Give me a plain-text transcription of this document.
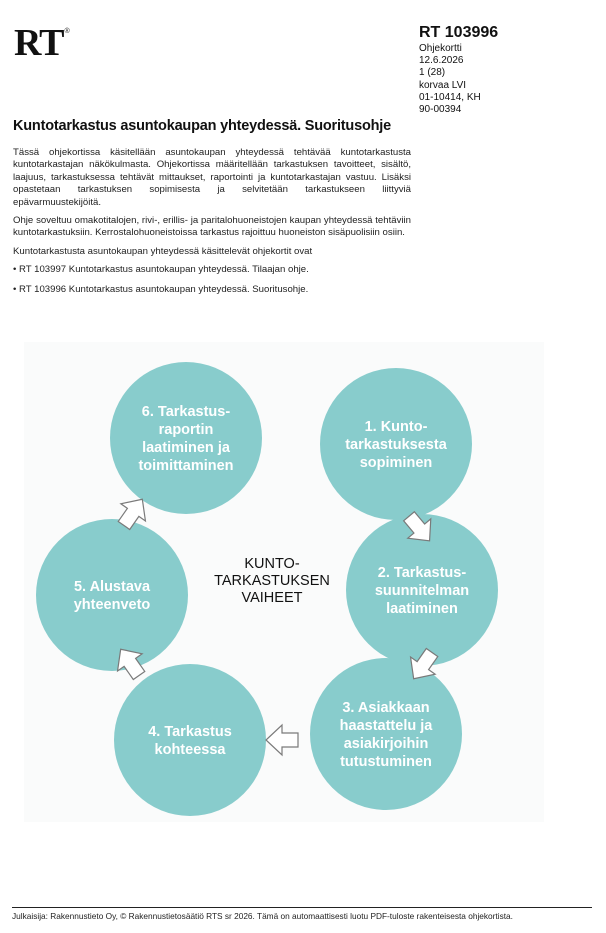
RT®	RT 103996
Ohjekortti
12.6.2026
1 (28)
korvaa LVI
01-10414, KH
90-00394
Kuntotarkastus asuntokaupan yhteydessä. Suoritusohje

Tässä ohjekortissa käsitellään asuntokaupan yhteydessä tehtävää kuntotarkastusta kuntotarkastajan näkökulmasta. Ohjekortissa määritellään tarkastuksen tavoitteet, sisältö, laajuus, tarkastuksessa tehtävät mittaukset, raportointi ja kuntotarkastajan vastuu. Lisäksi opastetaan tarkastuksen sopimisesta ja selvitetään tarkastukseen liittyviä epävarmuustekijöitä.

Ohje soveltuu omakotitalojen, rivi-, erillis- ja paritalohuoneistojen kaupan yhteydessä tehtäviin kuntotarkastuksiin. Kerrostalohuoneistoissa tarkastus rajoittuu huoneiston sisäpuolisiin osiin.

Kuntotarkastusta asuntokaupan yhteydessä käsittelevät ohjekortit ovat

• RT 103997 Kuntotarkastus asuntokaupan yhteydessä. Tilaajan ohje.
• RT 103996 Kuntotarkastus asuntokaupan yhteydessä. Suoritusohje.
1. Kunto-
tarkastuksesta
sopiminen
2. Tarkastus-
suunnitelman
laatiminen
3. Asiakkaan
haastattelu ja
asiakirjoihin
tutustuminen
4. Tarkastus
kohteessa
5. Alustava
yhteenveto
6. Tarkastus-
raportin
laatiminen ja
toimittaminen
KUNTO-
TARKASTUKSEN
VAIHEET
Julkaisija: Rakennustieto Oy, © Rakennustietosäätiö RTS sr 2026. Tämä on automaattisesti luotu PDF-tuloste rakenteisesta ohjekortista.
